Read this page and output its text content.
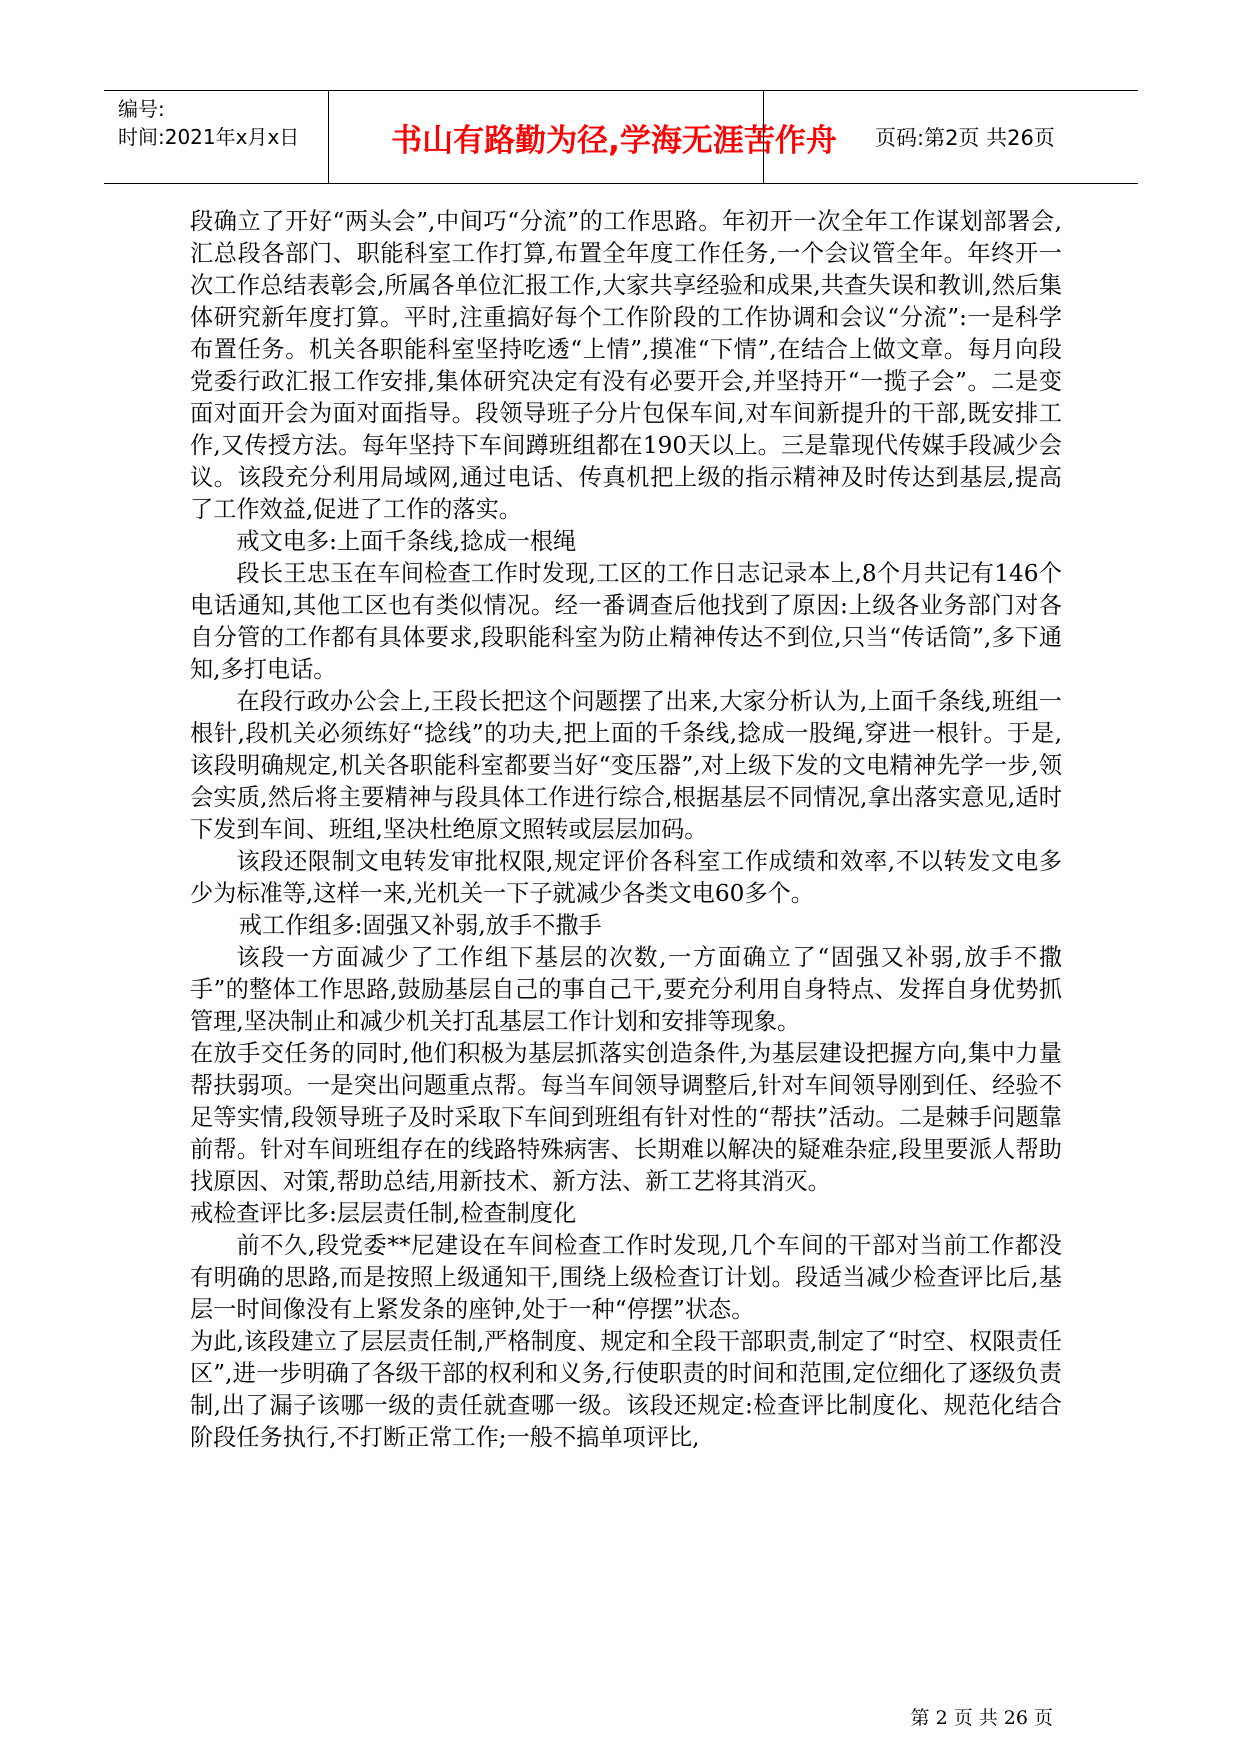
编号:
时间:2021年x月x日	书山有路勤为径,学海无涯苦作舟	页码:第2页 共26页

段确立了开好“两头会”,中间巧“分流”的工作思路。年初开一次全年工作谋划部署会,汇总段各部门、职能科室工作打算,布置全年度工作任务,一个会议管全年。年终开一次工作总结表彰会,所属各单位汇报工作,大家共享经验和成果,共查失误和教训,然后集体研究新年度打算。平时,注重搞好每个工作阶段的工作协调和会议“分流”:一是科学布置任务。机关各职能科室坚持吃透“上情”,摸准“下情”,在结合上做文章。每月向段党委行政汇报工作安排,集体研究决定有没有必要开会,并坚持开“一揽子会”。二是变面对面开会为面对面指导。段领导班子分片包保车间,对车间新提升的干部,既安排工作,又传授方法。每年坚持下车间蹲班组都在190天以上。三是靠现代传媒手段减少会议。该段充分利用局域网,通过电话、传真机把上级的指示精神及时传达到基层,提高了工作效益,促进了工作的落实。

戒文电多:上面千条线,捻成一根绳

段长王忠玉在车间检查工作时发现,工区的工作日志记录本上,8个月共记有146个电话通知,其他工区也有类似情况。经一番调查后他找到了原因:上级各业务部门对各自分管的工作都有具体要求,段职能科室为防止精神传达不到位,只当“传话筒”,多下通知,多打电话。

在段行政办公会上,王段长把这个问题摆了出来,大家分析认为,上面千条线,班组一根针,段机关必须练好“捻线”的功夫,把上面的千条线,捻成一股绳,穿进一根针。于是,该段明确规定,机关各职能科室都要当好“变压器”,对上级下发的文电精神先学一步,领会实质,然后将主要精神与段具体工作进行综合,根据基层不同情况,拿出落实意见,适时下发到车间、班组,坚决杜绝原文照转或层层加码。

该段还限制文电转发审批权限,规定评价各科室工作成绩和效率,不以转发文电多少为标准等,这样一来,光机关一下子就减少各类文电60多个。

戒工作组多:固强又补弱,放手不撒手

该段一方面减少了工作组下基层的次数,一方面确立了“固强又补弱,放手不撒手”的整体工作思路,鼓励基层自己的事自己干,要充分利用自身特点、发挥自身优势抓管理,坚决制止和减少机关打乱基层工作计划和安排等现象。

在放手交任务的同时,他们积极为基层抓落实创造条件,为基层建设把握方向,集中力量帮扶弱项。一是突出问题重点帮。每当车间领导调整后,针对车间领导刚到任、经验不足等实情,段领导班子及时采取下车间到班组有针对性的“帮扶”活动。二是棘手问题靠前帮。针对车间班组存在的线路特殊病害、长期难以解决的疑难杂症,段里要派人帮助找原因、对策,帮助总结,用新技术、新方法、新工艺将其消灭。

戒检查评比多:层层责任制,检查制度化

前不久,段党委**尼建设在车间检查工作时发现,几个车间的干部对当前工作都没有明确的思路,而是按照上级通知干,围绕上级检查订计划。段适当减少检查评比后,基层一时间像没有上紧发条的座钟,处于一种“停摆”状态。

为此,该段建立了层层责任制,严格制度、规定和全段干部职责,制定了“时空、权限责任区”,进一步明确了各级干部的权利和义务,行使职责的时间和范围,定位细化了逐级负责制,出了漏子该哪一级的责任就查哪一级。该段还规定:检查评比制度化、规范化结合阶段任务执行,不打断正常工作;一般不搞单项评比,

第 2 页 共 26 页
